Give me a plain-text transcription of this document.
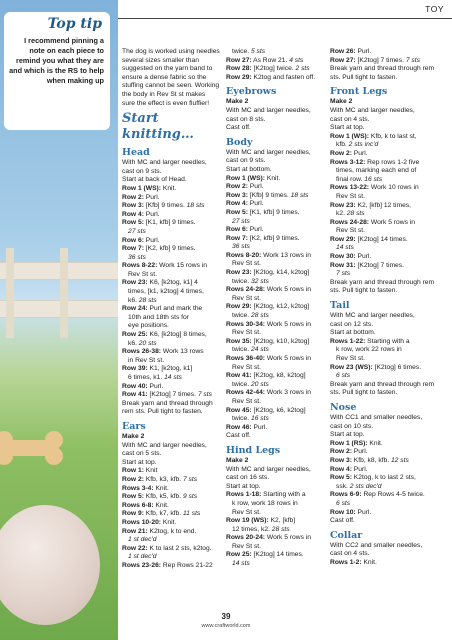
Top tip
I recommend pinning a note on each piece to remind you what they are and which is the RS to help when making up
TOY

The dog is worked using needles several sizes smaller than suggested on the yarn band to ensure a dense fabric so the stuffing cannot be seen. Working the body in Rev St st makes sure the effect is even fluffier!

Start knitting…

Head

With MC and larger needles,

cast on 9 sts.

Start at back of Head.

Row 1 (WS): Knit.

Row 2: Purl.

Row 3: [Kfb] 9 times. 18 sts

Row 4: Purl.

Row 5: [K1, kfb] 9 times.

27 sts

Row 6: Purl.

Row 7: [K2, kfb] 9 times.

36 sts

Rows 8-22: Work 15 rows in

Rev St st.

Row 23: K6, [k2tog, k1] 4

times, [k1, k2tog] 4 times,

k6. 28 sts

Row 24: Purl and mark the

10th and 18th sts for

eye positions.

Row 25: K6, [k2tog] 8 times,

k6. 20 sts

Rows 26-38: Work 13 rows

in Rev St st.

Row 39: K1, [k2tog, k1]

6 times, k1. 14 sts

Row 40: Purl.

Row 41: [K2tog] 7 times. 7 sts

Break yarn and thread through rem sts. Pull tight to fasten.

Ears

Make 2

With MC and larger needles,

cast on 5 sts.

Start at top.

Row 1: Knit

Row 2: Kfb, k3, kfb. 7 sts

Rows 3-4: Knit.

Row 5: Kfb, k5, kfb. 9 sts

Rows 6-8: Knit.

Row 9: Kfb, k7, kfb. 11 sts

Rows 10-20: Knit.

Row 21: K2tog, k to end.

1 st dec'd

Row 22: K to last 2 sts, k2tog.

1 st dec'd

Rows 23-26: Rep Rows 21-22

twice. 5 sts

Row 27: As Row 21. 4 sts

Row 28: [K2tog] twice. 2 sts

Row 29: K2tog and fasten off.

Eyebrows

Make 2

With MC and larger needles,

cast on 8 sts.

Cast off.

Body

With MC and larger needles,

cast on 9 sts.

Start at bottom.

Row 1 (WS): Knit.

Row 2: Purl.

Row 3: [Kfb] 9 times. 18 sts

Row 4: Purl.

Row 5: [K1, kfb] 9 times.

27 sts

Row 6: Purl.

Row 7: [K2, kfb] 9 times.

36 sts

Rows 8-20: Work 13 rows in

Rev St st.

Row 23: [K2tog, k14, k2tog]

twice. 32 sts

Rows 24-28: Work 5 rows in

Rev St st.

Row 29: [K2tog, k12, k2tog]

twice. 28 sts

Rows 30-34: Work 5 rows in

Rev St st.

Row 35: [K2tog, k10, k2tog]

twice. 24 sts

Rows 36-40: Work 5 rows in

Rev St st.

Row 41: [K2tog, k8, k2tog]

twice. 20 sts

Rows 42-44: Work 3 rows in

Rev St st.

Row 45: [K2tog, k6, k2tog]

twice. 16 sts

Row 46: Purl.

Cast off.

Hind Legs

Make 2

With MC and larger needles,

cast on 16 sts.

Start at top.

Rows 1-18: Starting with a

k row, work 18 rows in

Rev St st.

Row 19 (WS): K2, [kfb]

12 times, k2. 28 sts

Rows 20-24: Work 5 rows in

Rev St st.

Row 25: [K2tog] 14 times.

14 sts

Row 26: Purl.

Row 27: [K2tog] 7 times. 7 sts

Break yarn and thread through rem sts. Pull tight to fasten.

Front Legs

Make 2

With MC and larger needles,

cast on 4 sts.

Start at top.

Row 1 (WS): Kfb, k to last st,

kfb. 2 sts inc'd

Row 2: Purl.

Rows 3-12: Rep rows 1-2 five

times, marking each end of

final row. 16 sts

Rows 13-22: Work 10 rows in

Rev St st.

Row 23: K2, [kfb] 12 times,

k2. 28 sts

Rows 24-28: Work 5 rows in

Rev St st.

Row 29: [K2tog] 14 times.

14 sts

Row 30: Purl.

Row 31: [K2tog] 7 times.

7 sts

Break yarn and thread through rem sts. Pull tight to fasten.

Tail

With MC and larger needles,

cast on 12 sts.

Start at bottom.

Rows 1-22: Starting with a

k row, work 22 rows in

Rev St st.

Row 23 (WS): [K2tog] 6 times.

6 sts

Break yarn and thread through rem sts. Pull tight to fasten.

Nose

With CC1 and smaller needles,

cast on 10 sts.

Start at top.

Row 1 (RS): Knit.

Row 2: Purl.

Row 3: Kfb, k8, kfb. 12 sts

Row 4: Purl.

Row 5: K2tog, k to last 2 sts,

ssk. 2 sts dec'd

Rows 6-9: Rep Rows 4-5 twice.

6 sts

Row 10: Purl.

Cast off.

Collar

With CC2 and smaller needles,

cast on 4 sts.

Rows 1-2: Knit.

39
www.craftworld.com
